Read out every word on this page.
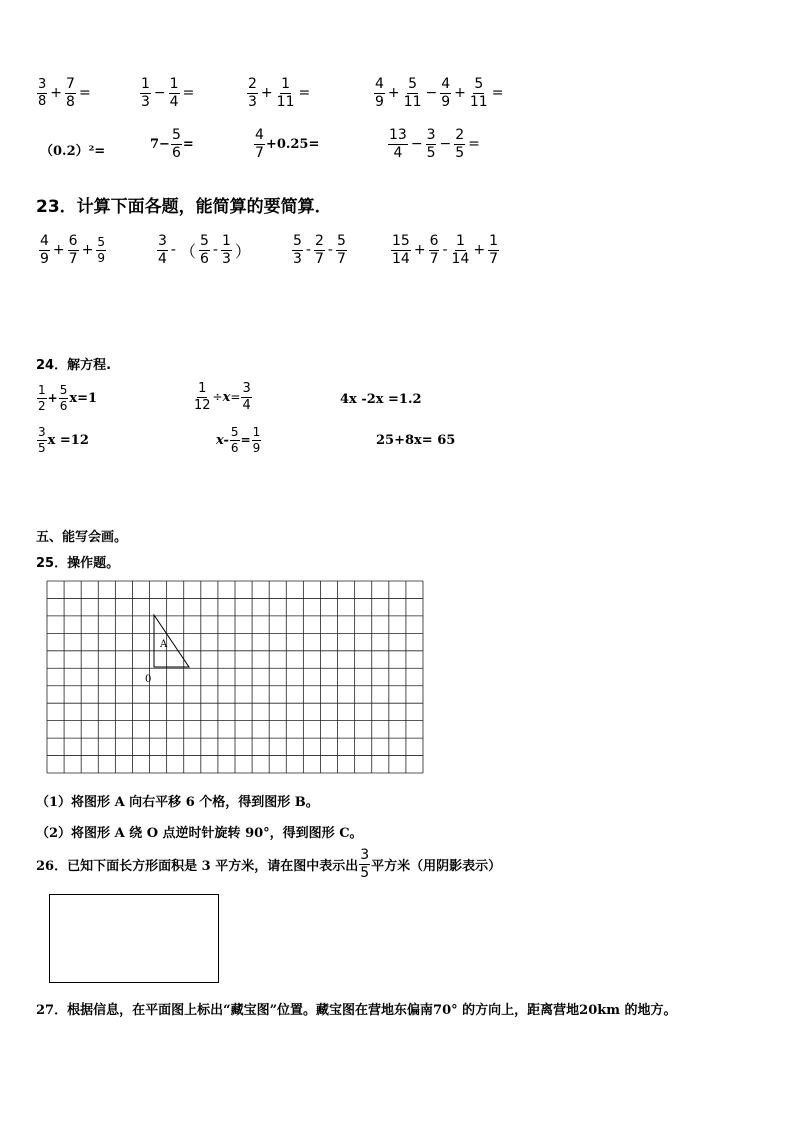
$\frac{3}{8} + \frac{7}{8}$ =	$\frac{1}{3} - \frac{1}{4}$ =	$\frac{2}{3} + \frac{1}{11}$ =	$\frac{4}{9} + \frac{5}{11} - \frac{4}{9} + \frac{5}{11}$ =
（0.2）²=	$7- \frac{5}{6}$ =	$\frac{4}{7} +0.25=$	$\frac{13}{4} - \frac{3}{5} - \frac{2}{5}$ =
23．计算下面各题，能简算的要简算．
$\frac{4}{9} + \frac{6}{7} + \frac{5}{9}$	$\frac{3}{4}$ - （ $\frac{5}{6} - \frac{1}{3}$ ）	$\frac{5}{3} - \frac{2}{7} - \frac{5}{7}$	$\frac{15}{14} + \frac{6}{7} - \frac{1}{14} + \frac{1}{7}$
24．解方程.
$\frac{1}{2} + \frac{5}{6} x=1$	$\frac{1}{12} \div x = \frac{3}{4}$	4x -2x =1.2
$\frac{3}{5}$ x =12	$x- \frac{5}{6} = \frac{1}{9}$	25+8x= 65
五、能写会画。
25．操作题。
A
0
（1）将图形 A 向右平移 6 个格，得到图形 B。
（2）将图形 A 绕 O 点逆时针旋转 90°，得到图形 C。
26．已知下面长方形面积是 3 平方米，请在图中表示出 $\frac{3}{5}$ 平方米（用阴影表示）
27．根据信息，在平面图上标出“藏宝图”位置。藏宝图在营地东偏南70° 的方向上，距离营地20km 的地方。
